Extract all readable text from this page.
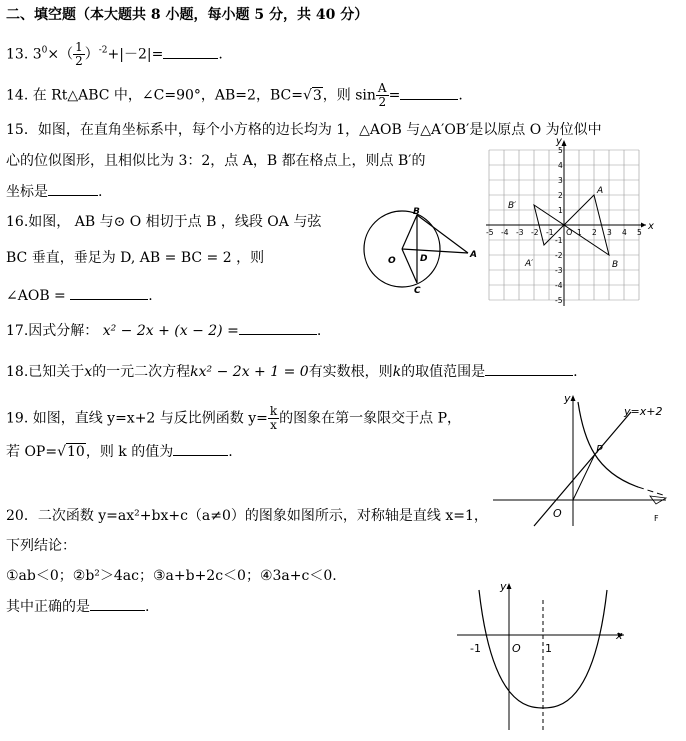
二、填空题（本大题共 8 小题，每小题 5 分，共 40 分）
13. $3^0\times( \frac{1}{2} )^{-2}+|-2|=$	.
14. 在 Rt△ABC 中，∠C=90°，AB=2，BC=√3，则 $\sin \frac{A}{2}$ =	.
15．如图，在直角坐标系中，每个小方格的边长均为 1，△AOB 与△A′OB′是以原点 O 为位似中
心的位似图形，且相似比为 3：2，点 A，B 都在格点上，则点 B′的
坐标是	.
16.如图， AB 与⊙ O 相切于点 B ，线段 OA 与弦
BC 垂直，垂足为 D, AB = BC = 2 ，则
∠AOB =	.
17.因式分解： x² − 2x + (x − 2) =	.
18.已知关于x的一元二次方程kx² − 2x + 1 = 0有实数根，则k的取值范围是	.
19. 如图，直线 y=x+2 与反比例函数 $y= \frac{k}{x}$ 的图象在第一象限交于点 P，
若 OP=√10，则 k 的值为	.
20．二次函数 y=ax²+bx+c（a≠0）的图象如图所示，对称轴是直线 x=1，
下列结论：
①ab＜0；②b²＞4ac；③a+b+2c＜0；④3a+c＜0.
其中正确的是	.
x
y
O
-5 -4 -3 -2 -1	1 2 3 4 5
5
4
3
2
1
-1
-2
-3
-4
-5
A
B
A′
B′
B
O	D	A
C
y
y=x+2
P
O	F
y
x
-1	O 1
